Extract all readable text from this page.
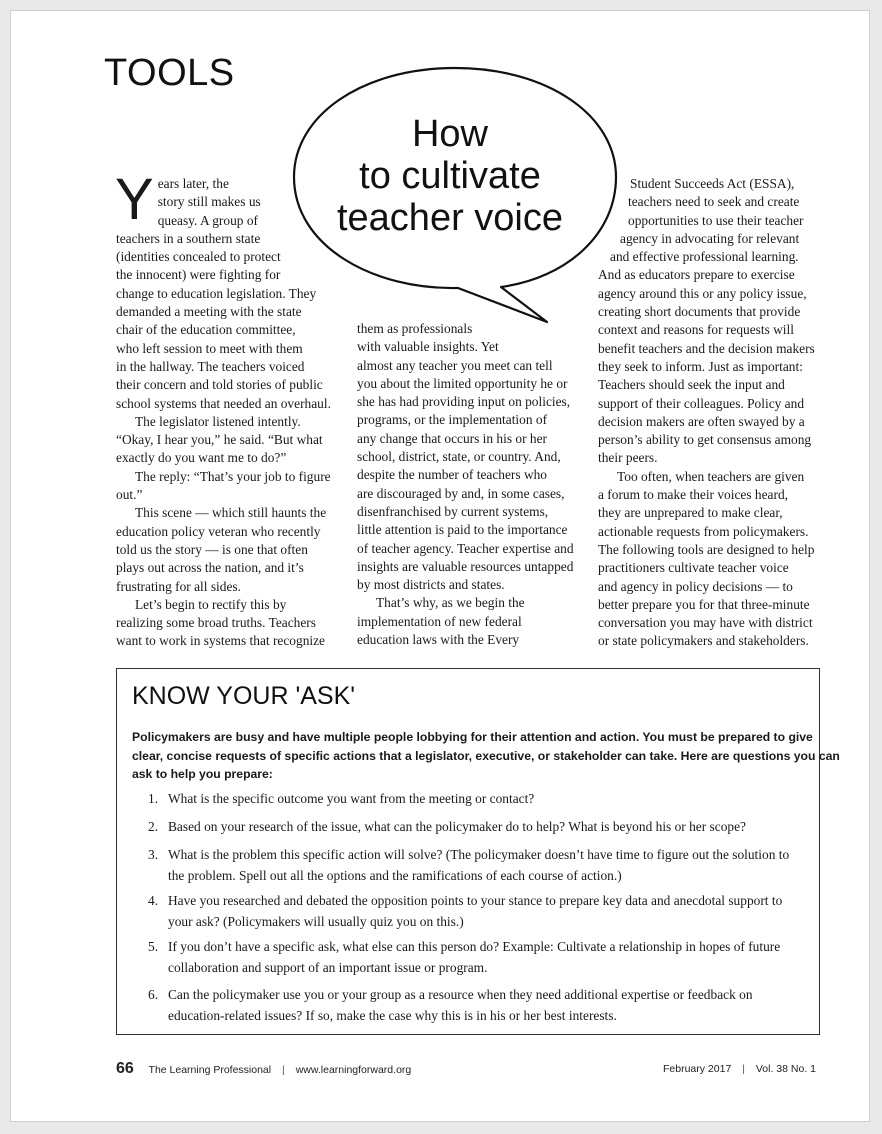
TOOLS
How
to cultivate
teacher voice
Y ears later, the
story still makes us
queasy. A group of
teachers in a southern state
(identities concealed to protect
the innocent) were fighting for
change to education legislation. They
demanded a meeting with the state
chair of the education committee,
who left session to meet with them
in the hallway. The teachers voiced
their concern and told stories of public
school systems that needed an overhaul.
The legislator listened intently.
“Okay, I hear you,” he said. “But what
exactly do you want me to do?”
The reply: “That’s your job to figure
out.”
This scene — which still haunts the
education policy veteran who recently
told us the story — is one that often
plays out across the nation, and it’s
frustrating for all sides.
Let’s begin to rectify this by
realizing some broad truths. Teachers
want to work in systems that recognize
them as professionals
with valuable insights. Yet
almost any teacher you meet can tell
you about the limited opportunity he or
she has had providing input on policies,
programs, or the implementation of
any change that occurs in his or her
school, district, state, or country. And,
despite the number of teachers who
are discouraged by and, in some cases,
disenfranchised by current systems,
little attention is paid to the importance
of teacher agency. Teacher expertise and
insights are valuable resources untapped
by most districts and states.
That’s why, as we begin the
implementation of new federal
education laws with the Every
Student Succeeds Act (ESSA),
teachers need to seek and create
opportunities to use their teacher
agency in advocating for relevant
and effective professional learning.
And as educators prepare to exercise
agency around this or any policy issue,
creating short documents that provide
context and reasons for requests will
benefit teachers and the decision makers
they seek to inform. Just as important:
Teachers should seek the input and
support of their colleagues. Policy and
decision makers are often swayed by a
person’s ability to get consensus among
their peers.
Too often, when teachers are given
a forum to make their voices heard,
they are unprepared to make clear,
actionable requests from policymakers.
The following tools are designed to help
practitioners cultivate teacher voice
and agency in policy decisions — to
better prepare you for that three-minute
conversation you may have with district
or state policymakers and stakeholders.
KNOW YOUR 'ASK'

Policymakers are busy and have multiple people lobbying for their attention and action. You must be prepared to give
clear, concise requests of specific actions that a legislator, executive, or stakeholder can take. Here are questions you can
ask to help you prepare:

1. What is the specific outcome you want from the meeting or contact?
2. Based on your research of the issue, what can the policymaker do to help? What is beyond his or her scope?
3. What is the problem this specific action will solve? (The policymaker doesn’t have time to figure out the solution to
the problem. Spell out all the options and the ramifications of each course of action.)
4. Have you researched and debated the opposition points to your stance to prepare key data and anecdotal support to
your ask? (Policymakers will usually quiz you on this.)
5. If you don’t have a specific ask, what else can this person do? Example: Cultivate a relationship in hopes of future
collaboration and support of an important issue or program.
6. Can the policymaker use you or your group as a resource when they need additional expertise or feedback on
education-related issues? If so, make the case why this is in his or her best interests.
66 The Learning Professional | www.learningforward.org	February 2017 | Vol. 38 No. 1
